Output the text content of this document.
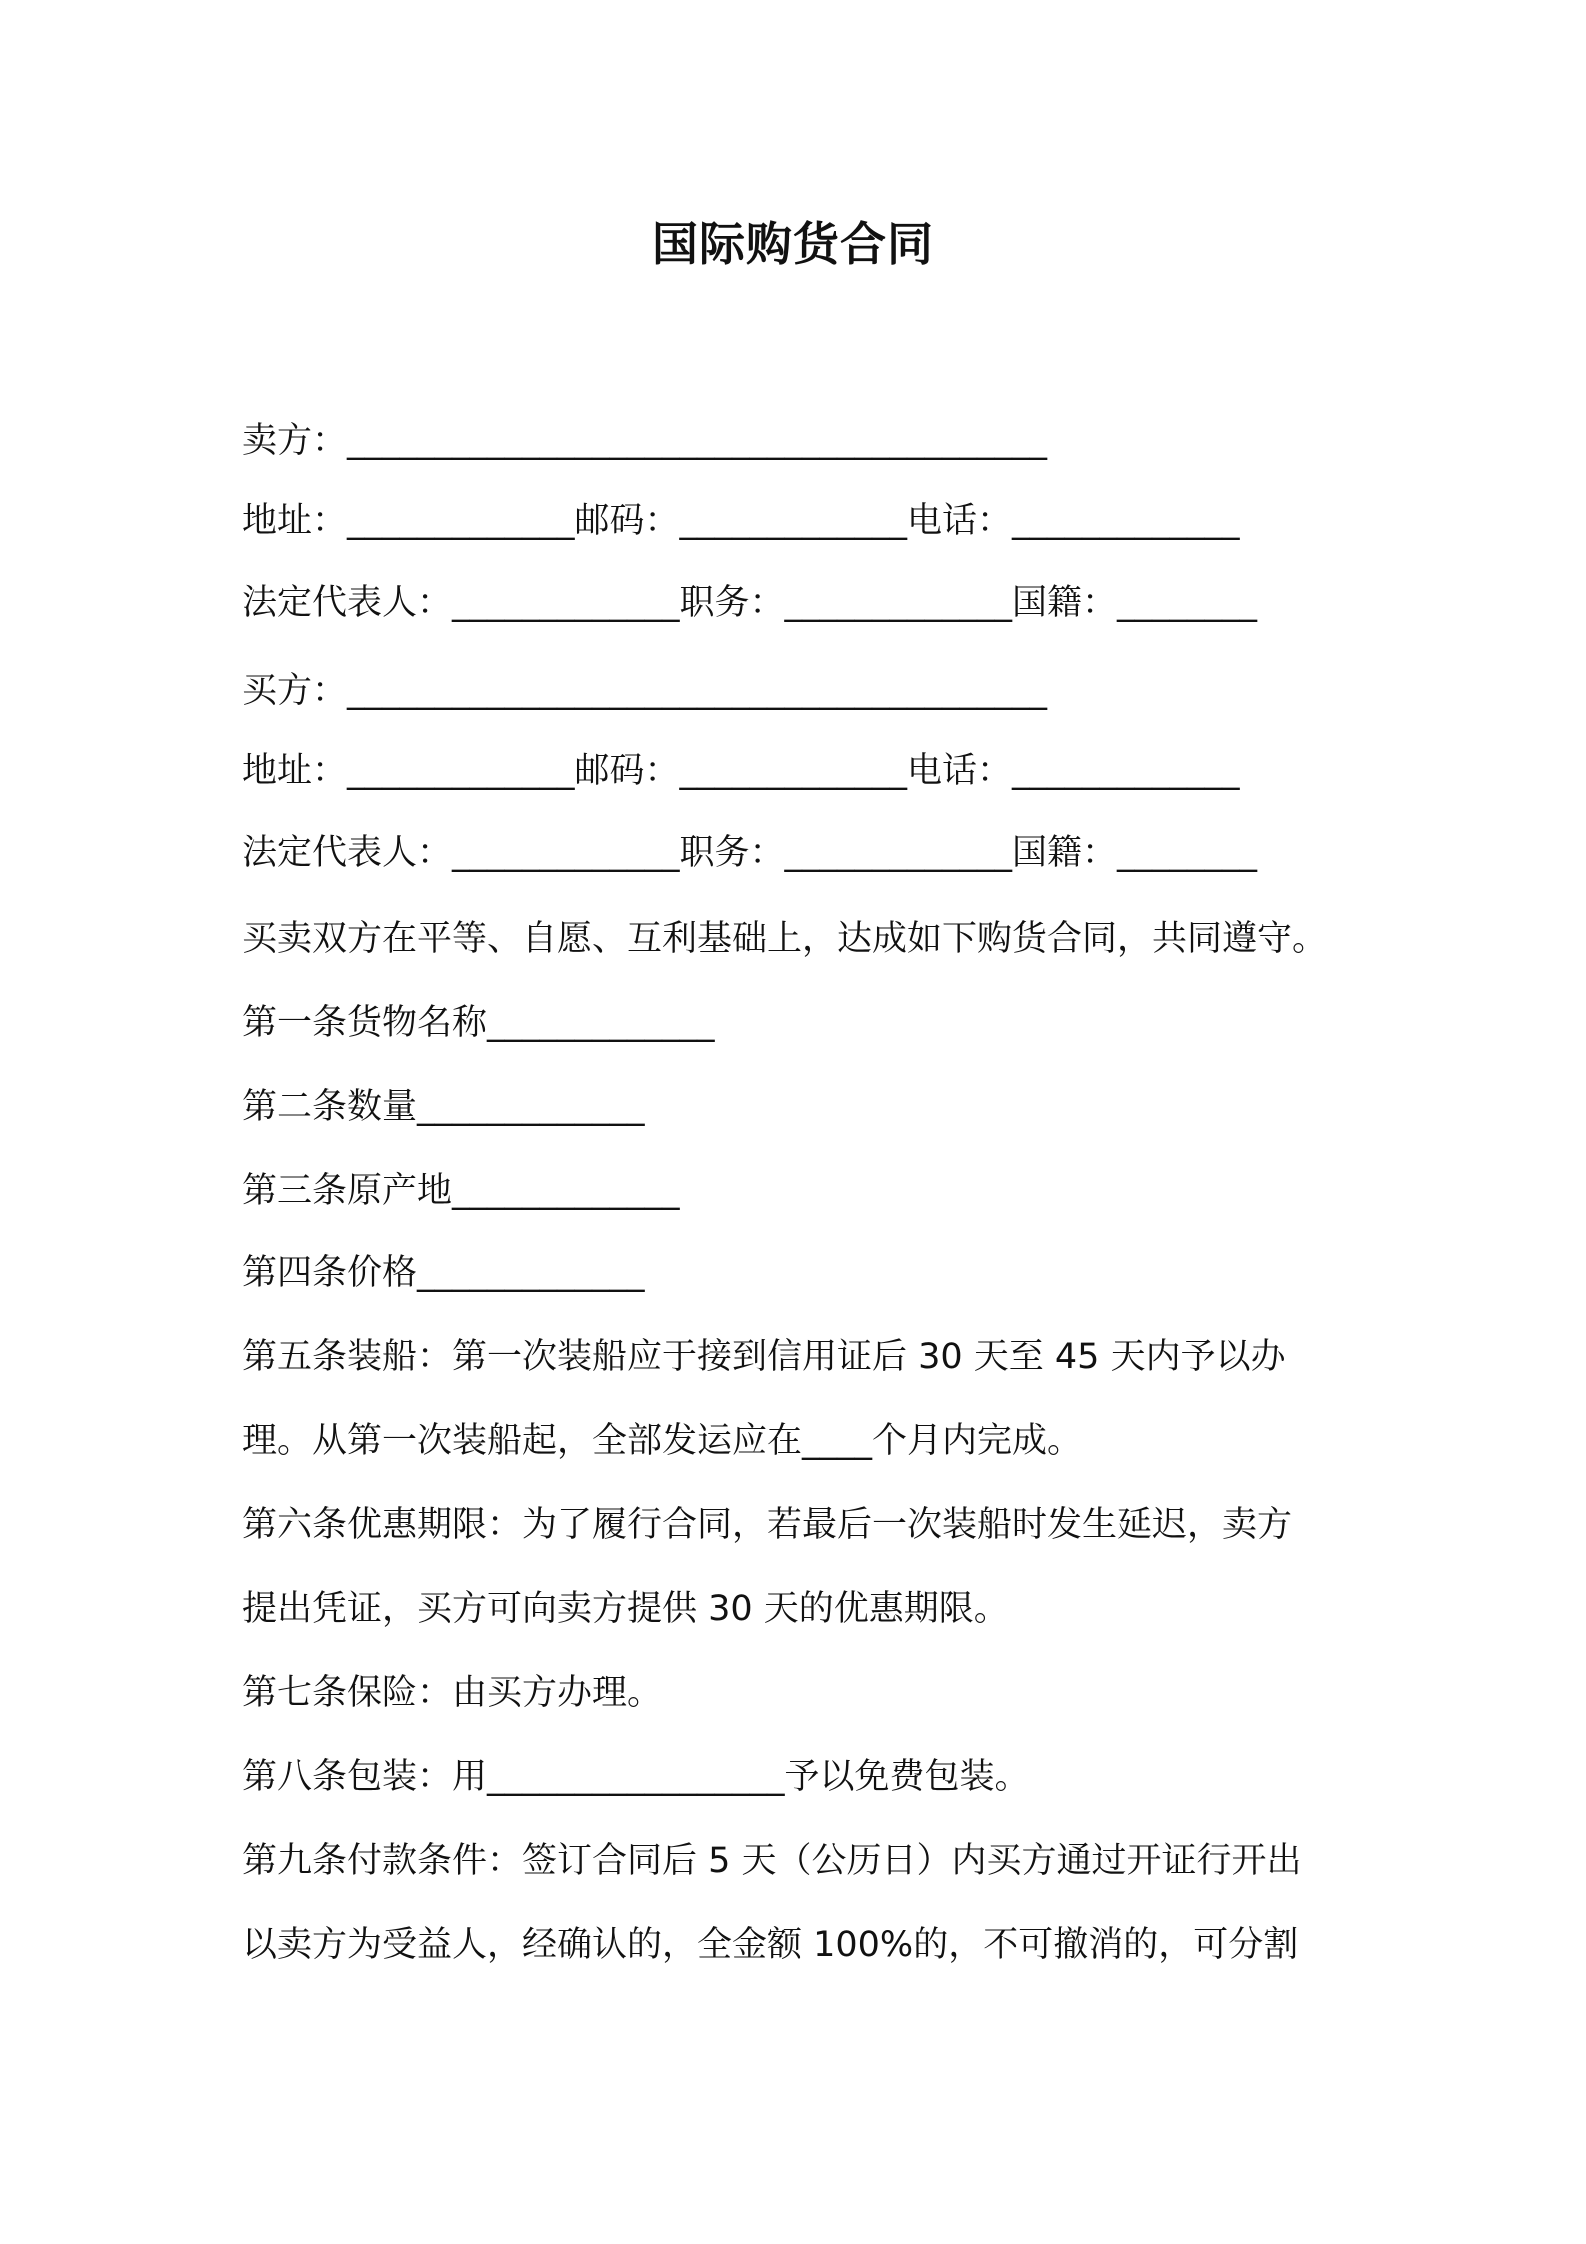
国际购货合同
卖方：________________________________________
地址：_____________邮码：_____________电话：_____________
法定代表人：_____________职务：_____________国籍：________
买方：________________________________________
地址：_____________邮码：_____________电话：_____________
法定代表人：_____________职务：_____________国籍：________
买卖双方在平等、自愿、互利基础上，达成如下购货合同，共同遵守。
第一条货物名称_____________
第二条数量_____________
第三条原产地_____________
第四条价格_____________
第五条装船：第一次装船应于接到信用证后 30 天至 45 天内予以办
理。从第一次装船起，全部发运应在____个月内完成。
第六条优惠期限：为了履行合同，若最后一次装船时发生延迟，卖方
提出凭证，买方可向卖方提供 30 天的优惠期限。
第七条保险：由买方办理。
第八条包装：用_________________予以免费包装。
第九条付款条件：签订合同后 5 天（公历日）内买方通过开证行开出
以卖方为受益人，经确认的，全金额 100%的，不可撤消的，可分割
